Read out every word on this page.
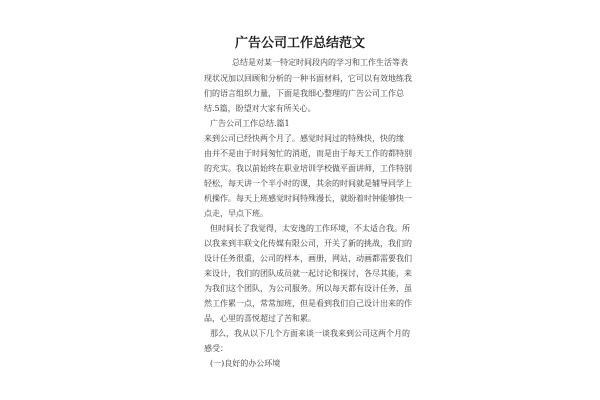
广告公司工作总结范文
总结是对某一特定时间段内的学习和工作生活等表
现状况加以回顾和分析的一种书面材料，它可以有效地练我
们的语言组织力量，下面是我细心整理的广告公司工作总
结.5篇，盼望对大家有所关心。
广告公司工作总结.篇1
来到公司已经快两个月了。感觉时间过的特殊快，快的缘
由并不是由于时间匆忙的消逝，而是由于每天工作的都特别
的充实。我以前始终在职业培训学校做平面讲师，工作特别
轻松，每天讲一个半小时的课，其余的时间就是辅导同学上
机操作。每天上班感觉时间特殊漫长，就盼着时钟能够快一
点走，早点下班。
但时间长了我觉得，太安逸的工作环境，不太适合我。所
以我来到丰联文化传媒有限公司，开关了新的挑战，我们的
设计任务很重，公司的样本，画册，网站，动画都需要我们
来设计，我们的团队成员就一起讨论和探讨，各尽其能，来
为我们这个团队，为公司服务。所以每天都有设计任务，虽
然工作累一点，常常加班，但是看到我们自己设计出来的作
品，心里的喜悦超过了苦和累。
那么，我从以下几个方面来谈一谈我来到公司这两个月的
感受：
(一)良好的办公环境
